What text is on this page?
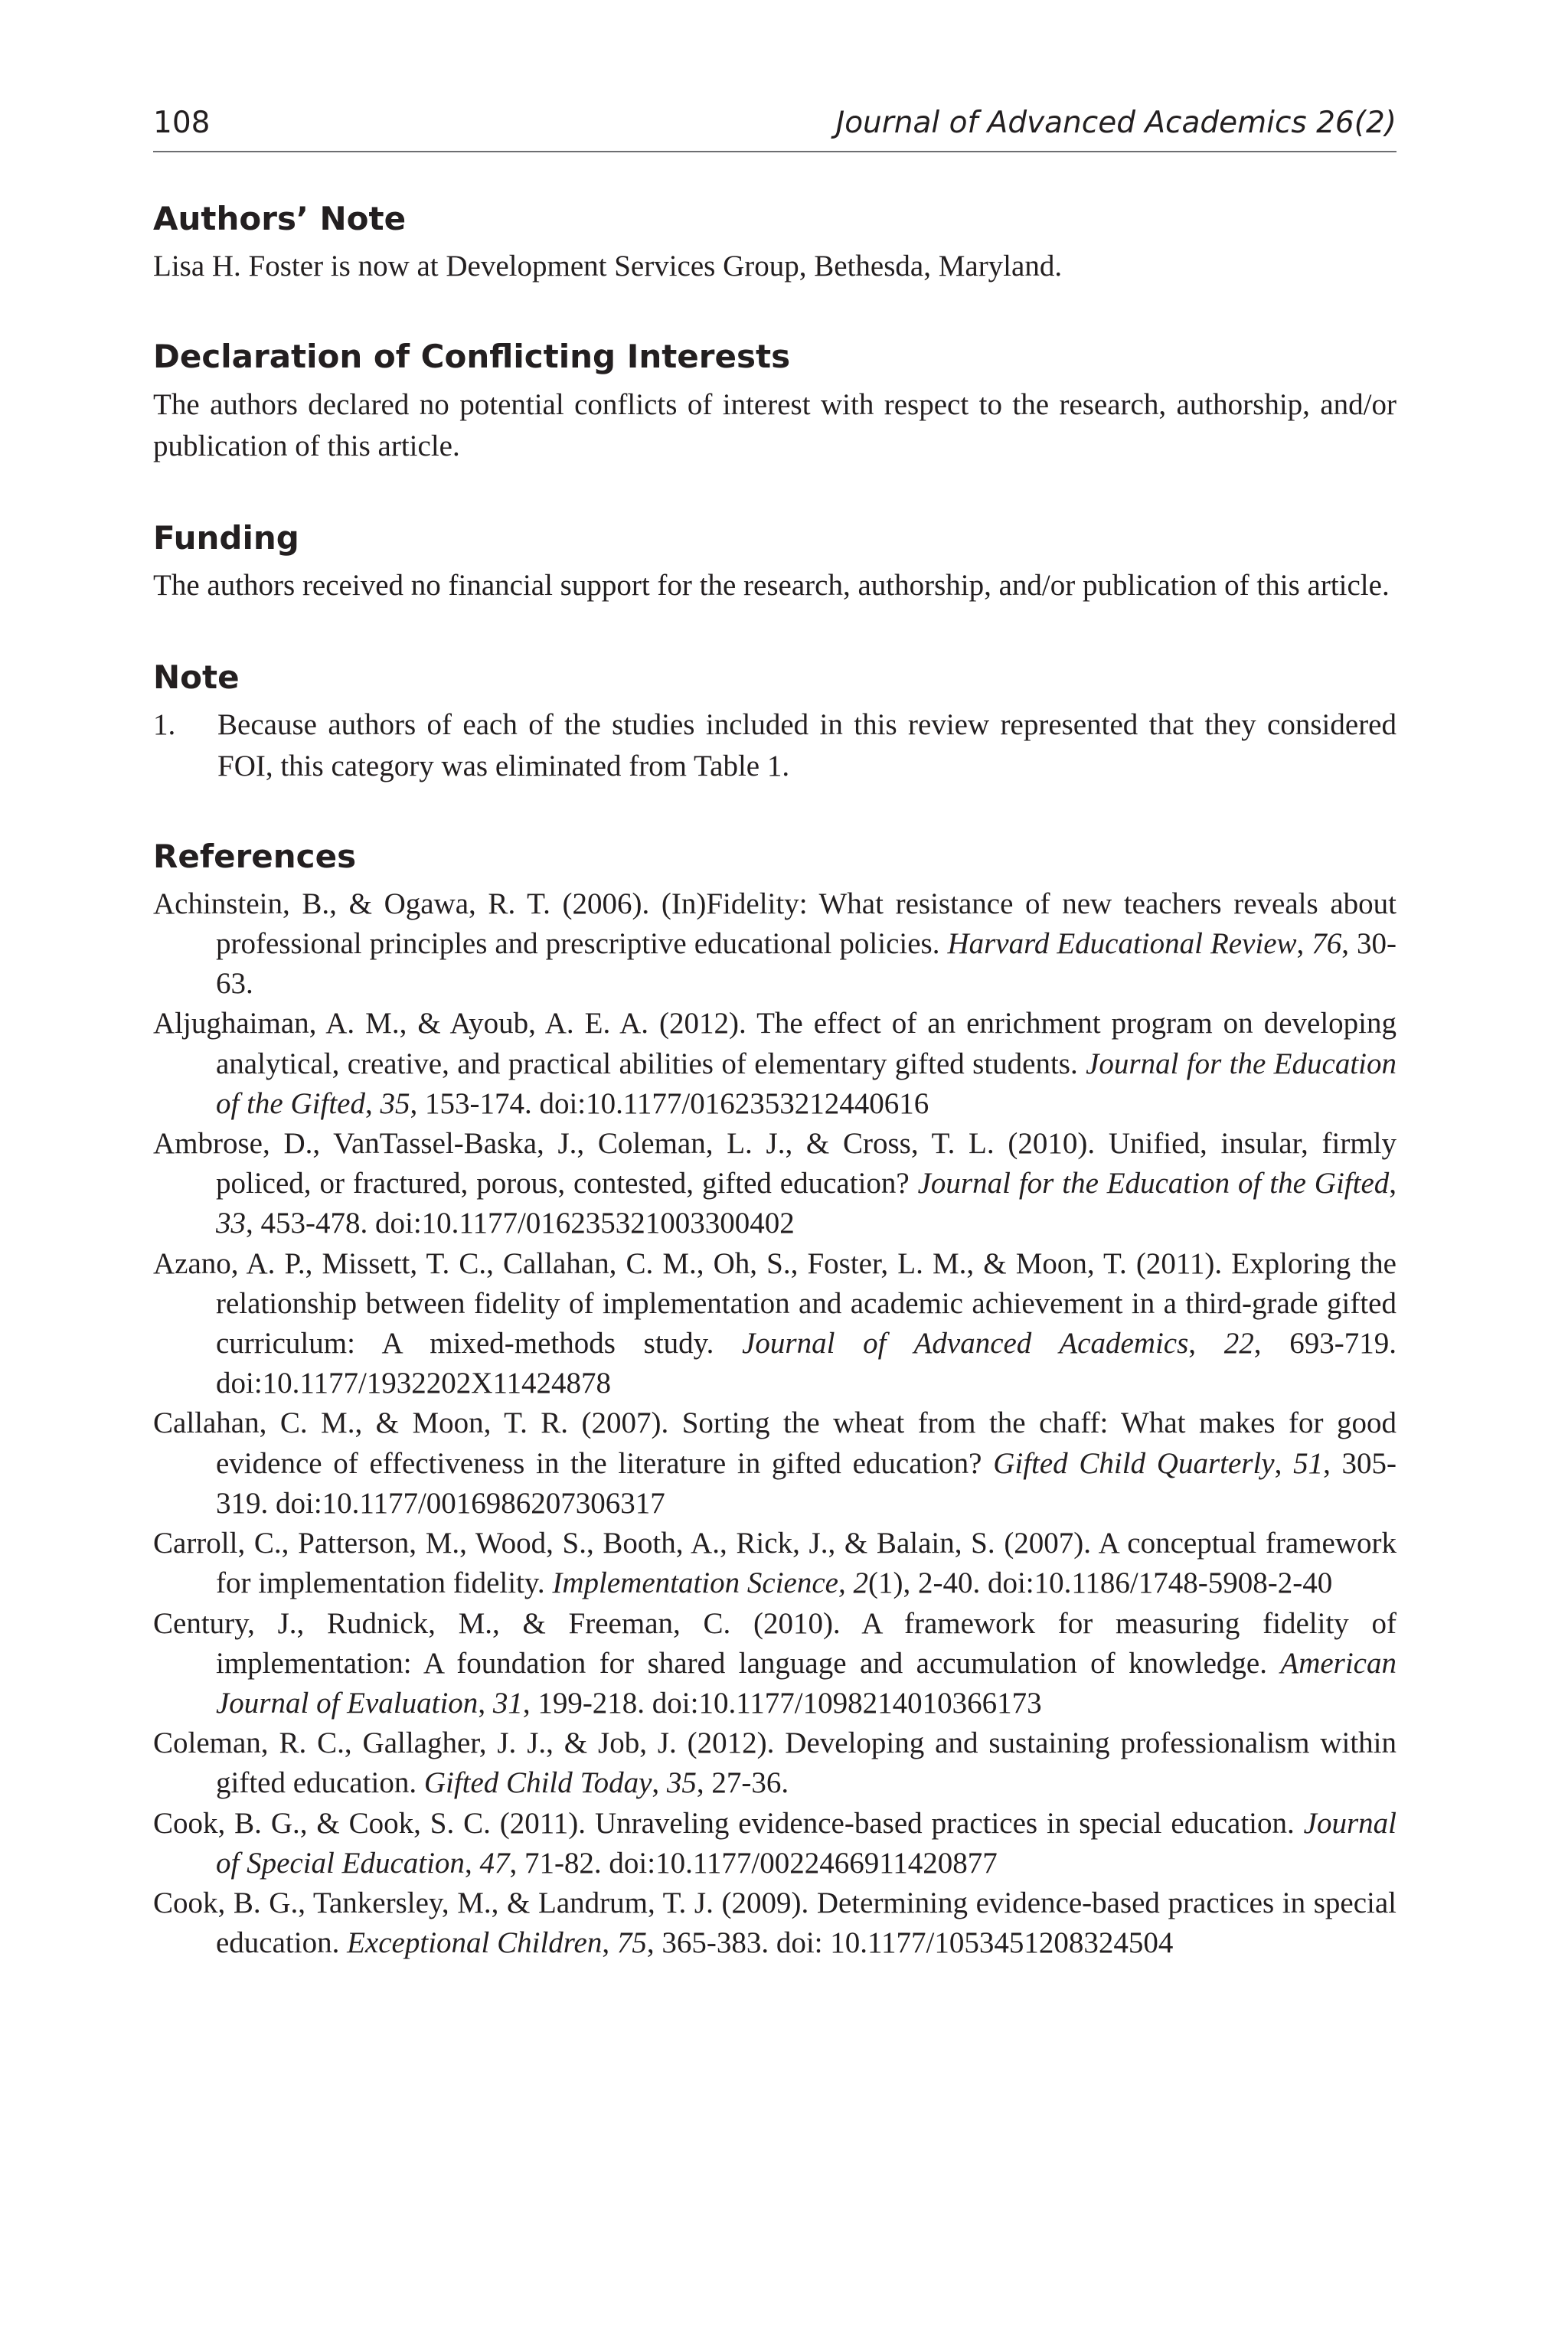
108	Journal of Advanced Academics 26(2)
Authors’ Note

Lisa H. Foster is now at Development Services Group, Bethesda, Maryland.

Declaration of Conflicting Interests

The authors declared no potential conflicts of interest with respect to the research, authorship, and/or publication of this article.

Funding

The authors received no financial support for the research, authorship, and/or publication of this article.

Note
1.	Because authors of each of the studies included in this review represented that they considered FOI, this category was eliminated from Table 1.
References
Achinstein, B., & Ogawa, R. T. (2006). (In)Fidelity: What resistance of new teachers reveals about professional principles and prescriptive educational policies. Harvard Educational Review, 76, 30-63.
Aljughaiman, A. M., & Ayoub, A. E. A. (2012). The effect of an enrichment program on developing analytical, creative, and practical abilities of elementary gifted students. Journal for the Education of the Gifted, 35, 153-174. doi:10.1177/0162353212440616
Ambrose, D., VanTassel-Baska, J., Coleman, L. J., & Cross, T. L. (2010). Unified, insular, firmly policed, or fractured, porous, contested, gifted education? Journal for the Education of the Gifted, 33, 453-478. doi:10.1177/016235321003300402
Azano, A. P., Missett, T. C., Callahan, C. M., Oh, S., Foster, L. M., & Moon, T. (2011). Exploring the relationship between fidelity of implementation and academic achievement in a third-grade gifted curriculum: A mixed-methods study. Journal of Advanced Academics, 22, 693-719. doi:10.1177/1932202X11424878
Callahan, C. M., & Moon, T. R. (2007). Sorting the wheat from the chaff: What makes for good evidence of effectiveness in the literature in gifted education? Gifted Child Quarterly, 51, 305-319. doi:10.1177/0016986207306317
Carroll, C., Patterson, M., Wood, S., Booth, A., Rick, J., & Balain, S. (2007). A conceptual framework for implementation fidelity. Implementation Science, 2(1), 2-40. doi:10.1186/1748-5908-2-40
Century, J., Rudnick, M., & Freeman, C. (2010). A framework for measuring fidelity of implementation: A foundation for shared language and accumulation of knowledge. American Journal of Evaluation, 31, 199-218. doi:10.1177/1098214010366173
Coleman, R. C., Gallagher, J. J., & Job, J. (2012). Developing and sustaining professionalism within gifted education. Gifted Child Today, 35, 27-36.
Cook, B. G., & Cook, S. C. (2011). Unraveling evidence-based practices in special education. Journal of Special Education, 47, 71-82. doi:10.1177/0022466911420877
Cook, B. G., Tankersley, M., & Landrum, T. J. (2009). Determining evidence-based practices in special education. Exceptional Children, 75, 365-383. doi: 10.1177/1053451208324504
